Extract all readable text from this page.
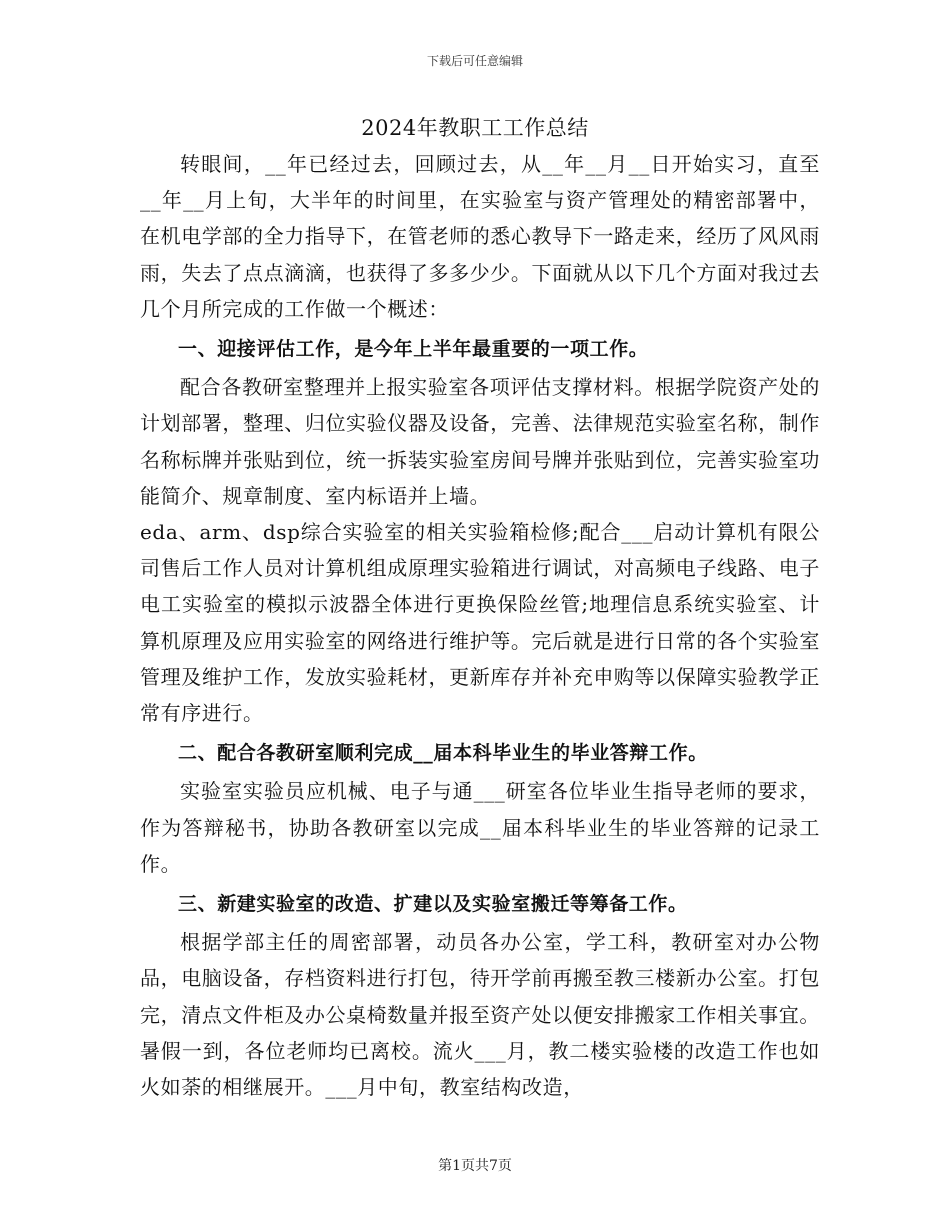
下载后可任意编辑
2024年教职工工作总结

转眼间，__年已经过去，回顾过去，从__年__月__日开始实习，直至__年__月上旬，大半年的时间里，在实验室与资产管理处的精密部署中，在机电学部的全力指导下，在管老师的悉心教导下一路走来，经历了风风雨雨，失去了点点滴滴，也获得了多多少少。下面就从以下几个方面对我过去几个月所完成的工作做一个概述：

一、迎接评估工作，是今年上半年最重要的一项工作。

配合各教研室整理并上报实验室各项评估支撑材料。根据学院资产处的计划部署，整理、归位实验仪器及设备，完善、法律规范实验室名称，制作名称标牌并张贴到位，统一拆装实验室房间号牌并张贴到位，完善实验室功能简介、规章制度、室内标语并上墙。

eda、arm、dsp综合实验室的相关实验箱检修;配合___启动计算机有限公司售后工作人员对计算机组成原理实验箱进行调试，对高频电子线路、电子电工实验室的模拟示波器全体进行更换保险丝管;地理信息系统实验室、计算机原理及应用实验室的网络进行维护等。完后就是进行日常的各个实验室管理及维护工作，发放实验耗材，更新库存并补充申购等以保障实验教学正常有序进行。

二、配合各教研室顺利完成__届本科毕业生的毕业答辩工作。

实验室实验员应机械、电子与通___研室各位毕业生指导老师的要求，作为答辩秘书，协助各教研室以完成__届本科毕业生的毕业答辩的记录工作。

三、新建实验室的改造、扩建以及实验室搬迁等筹备工作。

根据学部主任的周密部署，动员各办公室，学工科，教研室对办公物品，电脑设备，存档资料进行打包，待开学前再搬至教三楼新办公室。打包完，清点文件柜及办公桌椅数量并报至资产处以便安排搬家工作相关事宜。暑假一到，各位老师均已离校。流火___月，教二楼实验楼的改造工作也如火如荼的相继展开。___月中旬，教室结构改造，

第1页共7页
